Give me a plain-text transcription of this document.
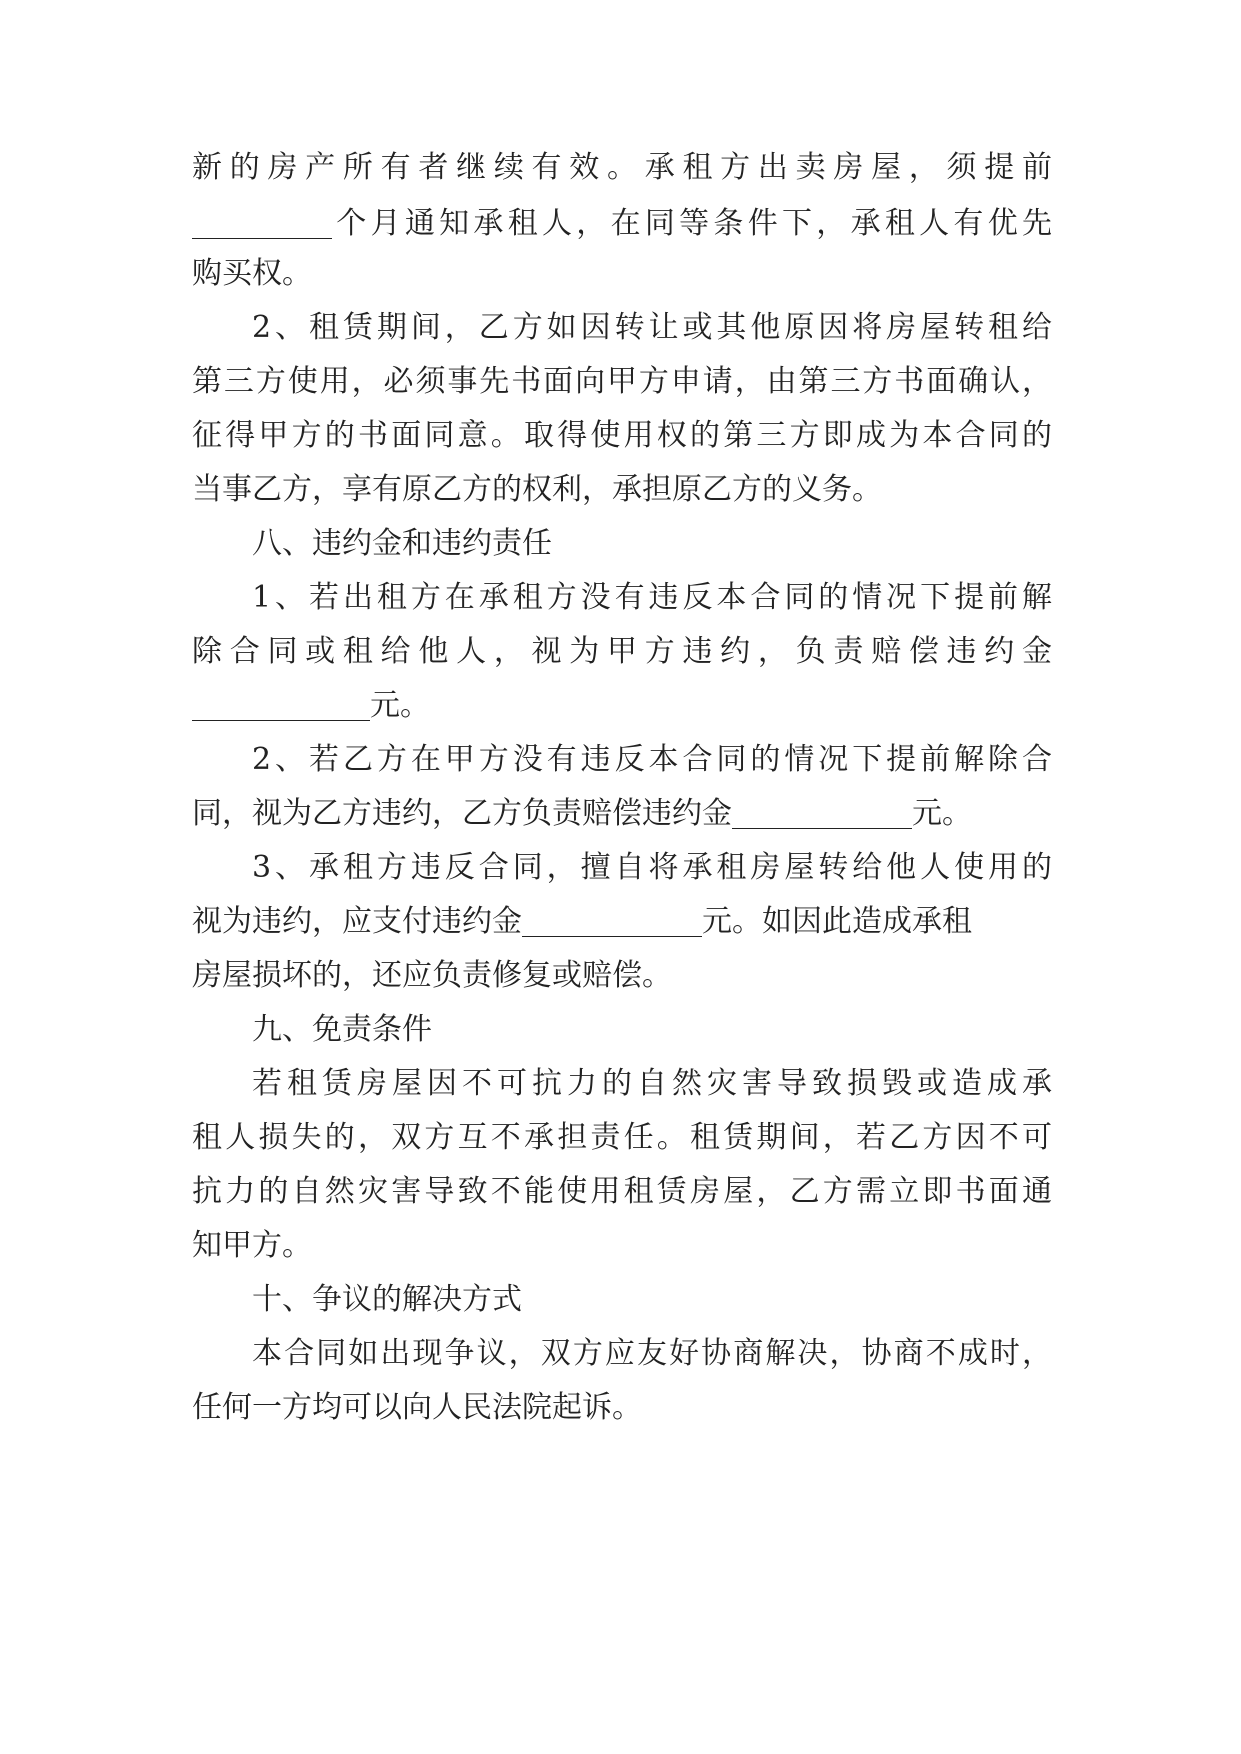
新的房产所有者继续有效。承租方出卖房屋，须提前
个月通知承租人，在同等条件下，承租人有优先
购买权。
2、租赁期间，乙方如因转让或其他原因将房屋转租给
第三方使用，必须事先书面向甲方申请，由第三方书面确认，
征得甲方的书面同意。取得使用权的第三方即成为本合同的
当事乙方，享有原乙方的权利，承担原乙方的义务。
八、违约金和违约责任
1、若出租方在承租方没有违反本合同的情况下提前解
除合同或租给他人，视为甲方违约，负责赔偿违约金
元。
2、若乙方在甲方没有违反本合同的情况下提前解除合
同，视为乙方违约，乙方负责赔偿违约金	元。
3、承租方违反合同，擅自将承租房屋转给他人使用的
视为违约，应支付违约金	元。如因此造成承租
房屋损坏的，还应负责修复或赔偿。
九、免责条件
若租赁房屋因不可抗力的自然灾害导致损毁或造成承
租人损失的，双方互不承担责任。租赁期间，若乙方因不可
抗力的自然灾害导致不能使用租赁房屋，乙方需立即书面通
知甲方。
十、争议的解决方式
本合同如出现争议，双方应友好协商解决，协商不成时，
任何一方均可以向人民法院起诉。
